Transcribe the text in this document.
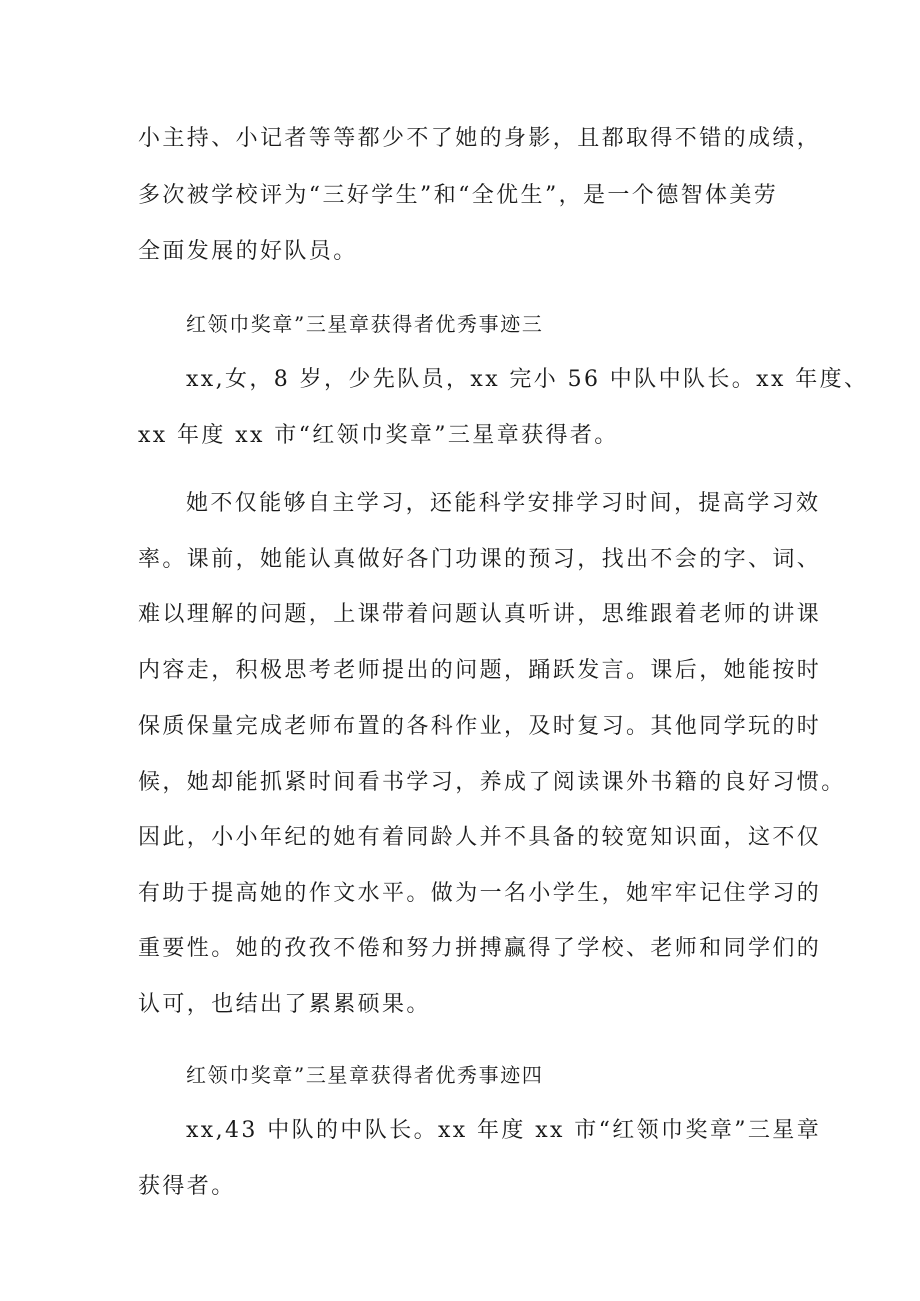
小主持、小记者等等都少不了她的身影，且都取得不错的成绩，
多次被学校评为“三好学生”和“全优生”，是一个德智体美劳
全面发展的好队员。
红领巾奖章”三星章获得者优秀事迹三
xx,女，8 岁，少先队员，xx 完小 56 中队中队长。xx 年度、
xx 年度 xx 市“红领巾奖章”三星章获得者。
她不仅能够自主学习，还能科学安排学习时间，提高学习效
率。课前，她能认真做好各门功课的预习，找出不会的字、词、
难以理解的问题，上课带着问题认真听讲，思维跟着老师的讲课
内容走，积极思考老师提出的问题，踊跃发言。课后，她能按时
保质保量完成老师布置的各科作业，及时复习。其他同学玩的时
候，她却能抓紧时间看书学习，养成了阅读课外书籍的良好习惯。
因此，小小年纪的她有着同龄人并不具备的较宽知识面，这不仅
有助于提高她的作文水平。做为一名小学生，她牢牢记住学习的
重要性。她的孜孜不倦和努力拼搏赢得了学校、老师和同学们的
认可，也结出了累累硕果。
红领巾奖章”三星章获得者优秀事迹四
xx,43 中队的中队长。xx 年度 xx 市“红领巾奖章”三星章
获得者。
